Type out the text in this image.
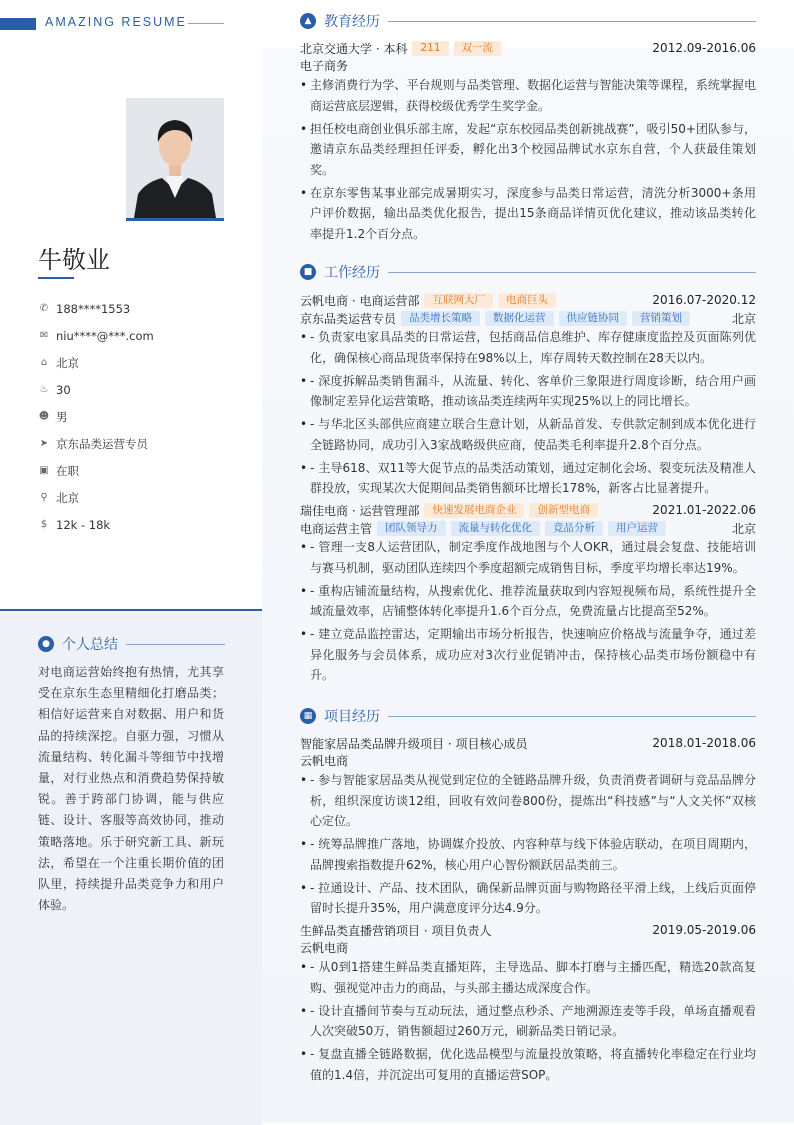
AMAZING RESUME
牛敬业
✆ 188****1553
✉ niu****@***.com
⌂ 北京
♨ 30
☻ 男
➤ 京东品类运营专员
▣ 在职
⚲ 北京
$ 12k - 18k
● 个人总结
对电商运营始终抱有热情，尤其享受在京东生态里精细化打磨品类；相信好运营来自对数据、用户和货品的持续深挖。自驱力强，习惯从流量结构、转化漏斗等细节中找增量，对行业热点和消费趋势保持敏锐。善于跨部门协调，能与供应链、设计、客服等高效协同，推动策略落地。乐于研究新工具、新玩法，希望在一个注重长期价值的团队里，持续提升品类竞争力和用户体验。
▲ 教育经历
北京交通大学 · 本科	211	双一流	2012.09-2016.06
电子商务
• 主修消费行为学、平台规则与品类管理、数据化运营与智能决策等课程，系统掌握电商运营底层逻辑，获得校级优秀学生奖学金。
• 担任校电商创业俱乐部主席，发起“京东校园品类创新挑战赛”，吸引50+团队参与，邀请京东品类经理担任评委，孵化出3个校园品牌试水京东自营，个人获最佳策划奖。
• 在京东零售某事业部完成暑期实习，深度参与品类日常运营，清洗分析3000+条用户评价数据，输出品类优化报告，提出15条商品详情页优化建议，推动该品类转化率提升1.2个百分点。
■ 工作经历
云帆电商 · 电商运营部	互联网大厂	电商巨头	2016.07-2020.12
京东品类运营专员	品类增长策略	数据化运营	供应链协同	营销策划	北京
• - 负责家电家具品类的日常运营，包括商品信息维护、库存健康度监控及页面陈列优化，确保核心商品现货率保持在98%以上，库存周转天数控制在28天以内。
• - 深度拆解品类销售漏斗，从流量、转化、客单价三象限进行周度诊断，结合用户画像制定差异化运营策略，推动该品类连续两年实现25%以上的同比增长。
• - 与华北区头部供应商建立联合生意计划，从新品首发、专供款定制到成本优化进行全链路协同，成功引入3家战略级供应商，使品类毛利率提升2.8个百分点。
• - 主导618、双11等大促节点的品类活动策划，通过定制化会场、裂变玩法及精准人群投放，实现某次大促期间品类销售额环比增长178%，新客占比显著提升。
瑞佳电商 · 运营管理部	快速发展电商企业	创新型电商	2021.01-2022.06
电商运营主管	团队领导力	流量与转化优化	竞品分析	用户运营	北京
• - 管理一支8人运营团队，制定季度作战地图与个人OKR，通过晨会复盘、技能培训与赛马机制，驱动团队连续四个季度超额完成销售目标，季度平均增长率达19%。
• - 重构店铺流量结构，从搜索优化、推荐流量获取到内容短视频布局，系统性提升全域流量效率，店铺整体转化率提升1.6个百分点，免费流量占比提高至52%。
• - 建立竞品监控雷达，定期输出市场分析报告，快速响应价格战与流量争夺，通过差异化服务与会员体系，成功应对3次行业促销冲击，保持核心品类市场份额稳中有升。
▦ 项目经历
智能家居品类品牌升级项目 · 项目核心成员	2018.01-2018.06
云帆电商
• - 参与智能家居品类从视觉到定位的全链路品牌升级，负责消费者调研与竞品品牌分析，组织深度访谈12组，回收有效问卷800份，提炼出“科技感”与“人文关怀”双核心定位。
• - 统筹品牌推广落地，协调媒介投放、内容种草与线下体验店联动，在项目周期内，品牌搜索指数提升62%，核心用户心智份额跃居品类前三。
• - 拉通设计、产品、技术团队，确保新品牌页面与购物路径平滑上线，上线后页面停留时长提升35%，用户满意度评分达4.9分。
生鲜品类直播营销项目 · 项目负责人	2019.05-2019.06
云帆电商
• - 从0到1搭建生鲜品类直播矩阵，主导选品、脚本打磨与主播匹配，精选20款高复购、强视觉冲击力的商品，与头部主播达成深度合作。
• - 设计直播间节奏与互动玩法，通过整点秒杀、产地溯源连麦等手段，单场直播观看人次突破50万，销售额超过260万元，刷新品类日销记录。
• - 复盘直播全链路数据，优化选品模型与流量投放策略，将直播转化率稳定在行业均值的1.4倍，并沉淀出可复用的直播运营SOP。
